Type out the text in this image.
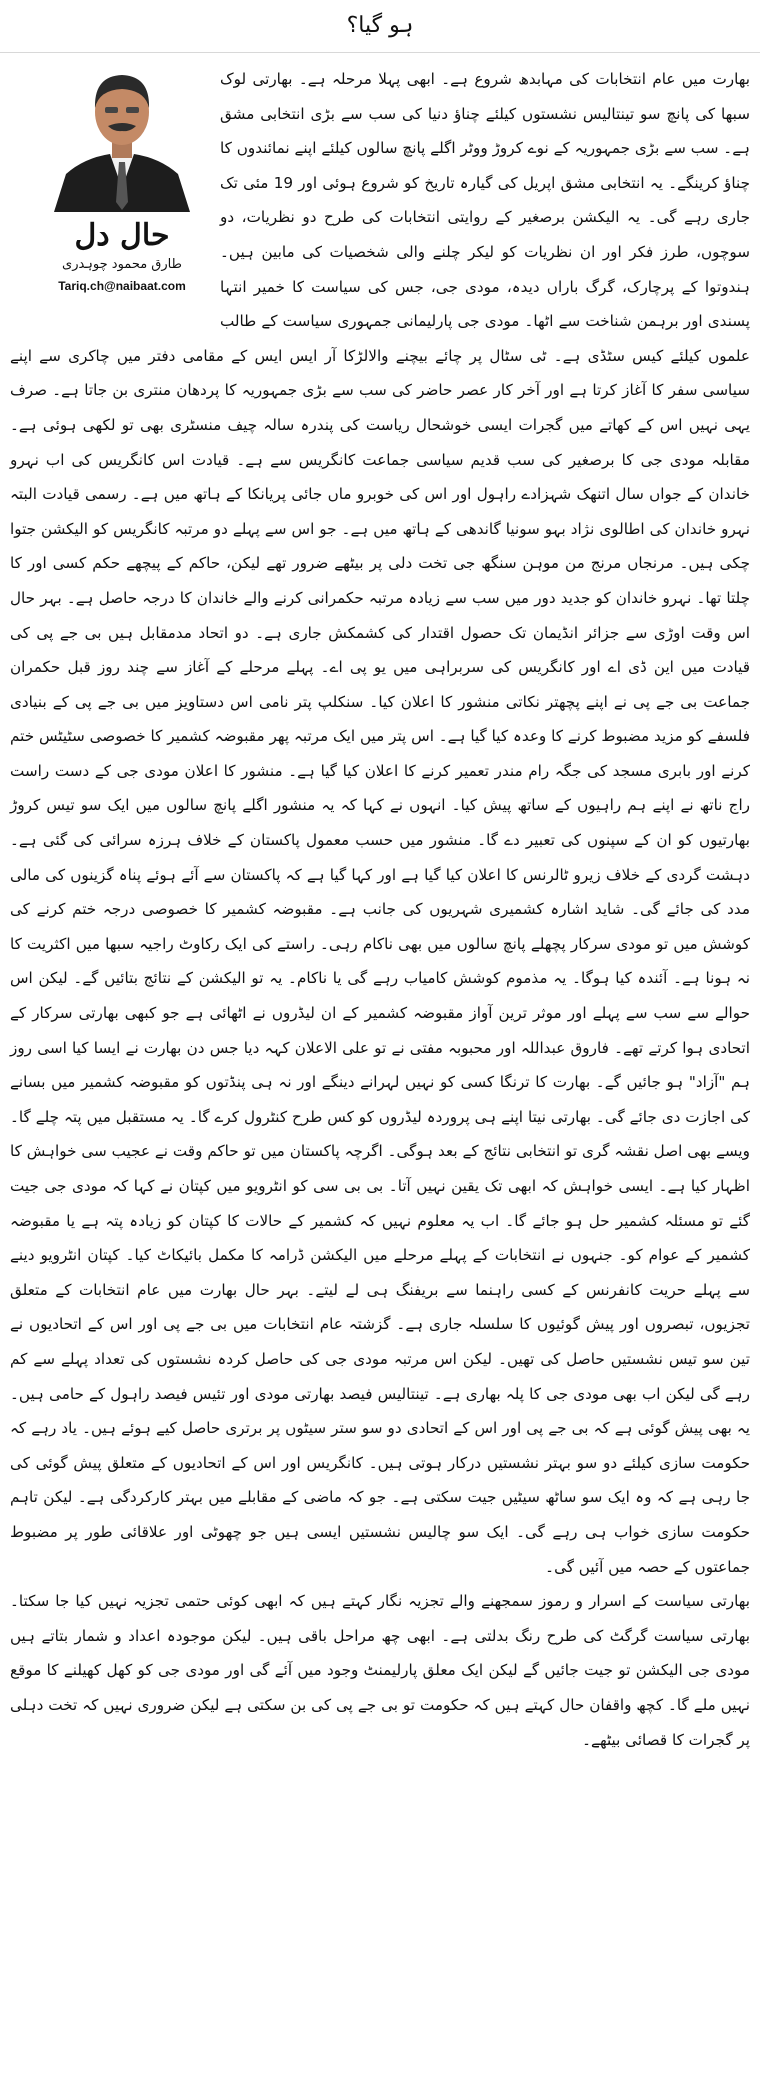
ہو گیا؟
حال دل
طارق محمود چوہدری
Tariq.ch@naibaat.com

بھارت میں عام انتخابات کی مہابدھ شروع ہے۔ ابھی پہلا مرحلہ ہے۔ بھارتی لوک سبھا کی پانچ سو تینتالیس نشستوں کیلئے چناؤ دنیا کی سب سے بڑی انتخابی مشق ہے۔ سب سے بڑی جمہوریہ کے نوے کروڑ ووٹر اگلے پانچ سالوں کیلئے اپنے نمائندوں کا چناؤ کرینگے۔ یہ انتخابی مشق اپریل کی گیارہ تاریخ کو شروع ہوئی اور 19 مئی تک جاری رہے گی۔ یہ الیکشن برصغیر کے روایتی انتخابات کی طرح دو نظریات، دو سوچوں، طرز فکر اور ان نظریات کو لیکر چلنے والی شخصیات کی مابین ہیں۔ ہندوتوا کے پرچارک، گرگ باراں دیدہ، مودی جی، جس کی سیاست کا خمیر انتہا پسندی اور برہمن شناخت سے اٹھا۔ مودی جی پارلیمانی جمہوری سیاست کے طالب علموں کیلئے کیس سٹڈی ہے۔ ٹی سٹال پر چائے بیچنے والالڑکا آر ایس ایس کے مقامی دفتر میں چاکری سے اپنے سیاسی سفر کا آغاز کرتا ہے اور آخر کار عصر حاضر کی سب سے بڑی جمہوریہ کا پردھان منتری بن جاتا ہے۔ صرف یہی نہیں اس کے کھاتے میں گجرات ایسی خوشحال ریاست کی پندرہ سالہ چیف منسٹری بھی تو لکھی ہوئی ہے۔ مقابلہ مودی جی کا برصغیر کی سب قدیم سیاسی جماعت کانگریس سے ہے۔ قیادت اس کانگریس کی اب نہرو خاندان کے جواں سال اتنھک شہزادے راہول اور اس کی خوبرو ماں جائی پریانکا کے ہاتھ میں ہے۔ رسمی قیادت البتہ نہرو خاندان کی اطالوی نژاد بہو سونیا گاندھی کے ہاتھ میں ہے۔ جو اس سے پہلے دو مرتبہ کانگریس کو الیکشن جتوا چکی ہیں۔ مرنجاں مرنج من موہن سنگھ جی تخت دلی پر بیٹھے ضرور تھے لیکن، حاکم کے پیچھے حکم کسی اور کا چلتا تھا۔ نہرو خاندان کو جدید دور میں سب سے زیادہ مرتبہ حکمرانی کرنے والے خاندان کا درجہ حاصل ہے۔ بہر حال اس وقت اوڑی سے جزائر انڈیمان تک حصول اقتدار کی کشمکش جاری ہے۔ دو اتحاد مدمقابل ہیں بی جے پی کی قیادت میں این ڈی اے اور کانگریس کی سربراہی میں یو پی اے۔ پہلے مرحلے کے آغاز سے چند روز قبل حکمران جماعت بی جے پی نے اپنے پچھتر نکاتی منشور کا اعلان کیا۔ سنکلپ پتر نامی اس دستاویز میں بی جے پی کے بنیادی فلسفے کو مزید مضبوط کرنے کا وعدہ کیا گیا ہے۔ اس پتر میں ایک مرتبہ پھر مقبوضہ کشمیر کا خصوصی سٹیٹس ختم کرنے اور بابری مسجد کی جگہ رام مندر تعمیر کرنے کا اعلان کیا گیا ہے۔ منشور کا اعلان مودی جی کے دست راست راج ناتھ نے اپنے ہم راہیوں کے ساتھ پیش کیا۔ انہوں نے کہا کہ یہ منشور اگلے پانچ سالوں میں ایک سو تیس کروڑ بھارتیوں کو ان کے سپنوں کی تعبیر دے گا۔ منشور میں حسب معمول پاکستان کے خلاف ہرزہ سرائی کی گئی ہے۔ دہشت گردی کے خلاف زیرو ٹالرنس کا اعلان کیا گیا ہے اور کہا گیا ہے کہ پاکستان سے آئے ہوئے پناہ گزینوں کی مالی مدد کی جائے گی۔ شاید اشارہ کشمیری شہریوں کی جانب ہے۔ مقبوضہ کشمیر کا خصوصی درجہ ختم کرنے کی کوشش میں تو مودی سرکار پچھلے پانچ سالوں میں بھی ناکام رہی۔ راستے کی ایک رکاوٹ راجیہ سبھا میں اکثریت کا نہ ہونا ہے۔ آئندہ کیا ہوگا۔ یہ مذموم کوشش کامیاب رہے گی یا ناکام۔ یہ تو الیکشن کے نتائج بتائیں گے۔ لیکن اس حوالے سے سب سے پہلے اور موثر ترین آواز مقبوضہ کشمیر کے ان لیڈروں نے اٹھائی ہے جو کبھی بھارتی سرکار کے اتحادی ہوا کرتے تھے۔ فاروق عبداللہ اور محبوبہ مفتی نے تو علی الاعلان کہہ دیا جس دن بھارت نے ایسا کیا اسی روز ہم "آزاد" ہو جائیں گے۔ بھارت کا ترنگا کسی کو نہیں لہرانے دینگے اور نہ ہی پنڈتوں کو مقبوضہ کشمیر میں بسانے کی اجازت دی جائے گی۔ بھارتی نیتا اپنے ہی پروردہ لیڈروں کو کس طرح کنٹرول کرے گا۔ یہ مستقبل میں پتہ چلے گا۔ ویسے بھی اصل نقشہ گری تو انتخابی نتائج کے بعد ہوگی۔ اگرچہ پاکستان میں تو حاکم وقت نے عجیب سی خواہش کا اظہار کیا ہے۔ ایسی خواہش کہ ابھی تک یقین نہیں آتا۔ بی بی سی کو انٹرویو میں کپتان نے کہا کہ مودی جی جیت گئے تو مسئلہ کشمیر حل ہو جائے گا۔ اب یہ معلوم نہیں کہ کشمیر کے حالات کا کپتان کو زیادہ پتہ ہے یا مقبوضہ کشمیر کے عوام کو۔ جنہوں نے انتخابات کے پہلے مرحلے میں الیکشن ڈرامہ کا مکمل بائیکاٹ کیا۔ کپتان انٹرویو دینے سے پہلے حریت کانفرنس کے کسی راہنما سے بریفنگ ہی لے لیتے۔ بہر حال بھارت میں عام انتخابات کے متعلق تجزیوں، تبصروں اور پیش گوئیوں کا سلسلہ جاری ہے۔ گزشتہ عام انتخابات میں بی جے پی اور اس کے اتحادیوں نے تین سو تیس نشستیں حاصل کی تھیں۔ لیکن اس مرتبہ مودی جی کی حاصل کردہ نشستوں کی تعداد پہلے سے کم رہے گی لیکن اب بھی مودی جی کا پلہ بھاری ہے۔ تینتالیس فیصد بھارتی مودی اور تئیس فیصد راہول کے حامی ہیں۔ یہ بھی پیش گوئی ہے کہ بی جے پی اور اس کے اتحادی دو سو ستر سیٹوں پر برتری حاصل کیے ہوئے ہیں۔ یاد رہے کہ حکومت سازی کیلئے دو سو بہتر نشستیں درکار ہوتی ہیں۔ کانگریس اور اس کے اتحادیوں کے متعلق پیش گوئی کی جا رہی ہے کہ وہ ایک سو ساٹھ سیٹیں جیت سکتی ہے۔ جو کہ ماضی کے مقابلے میں بہتر کارکردگی ہے۔ لیکن تاہم حکومت سازی خواب ہی رہے گی۔ ایک سو چالیس نشستیں ایسی ہیں جو چھوٹی اور علاقائی طور پر مضبوط جماعتوں کے حصہ میں آئیں گی۔

بھارتی سیاست کے اسرار و رموز سمجھنے والے تجزیہ نگار کہتے ہیں کہ ابھی کوئی حتمی تجزیہ نہیں کیا جا سکتا۔ بھارتی سیاست گرگٹ کی طرح رنگ بدلتی ہے۔ ابھی چھ مراحل باقی ہیں۔ لیکن موجودہ اعداد و شمار بتاتے ہیں مودی جی الیکشن تو جیت جائیں گے لیکن ایک معلق پارلیمنٹ وجود میں آئے گی اور مودی جی کو کھل کھیلنے کا موقع نہیں ملے گا۔ کچھ واقفان حال کہتے ہیں کہ حکومت تو بی جے پی کی بن سکتی ہے لیکن ضروری نہیں کہ تخت دہلی پر گجرات کا قصائی بیٹھے۔
